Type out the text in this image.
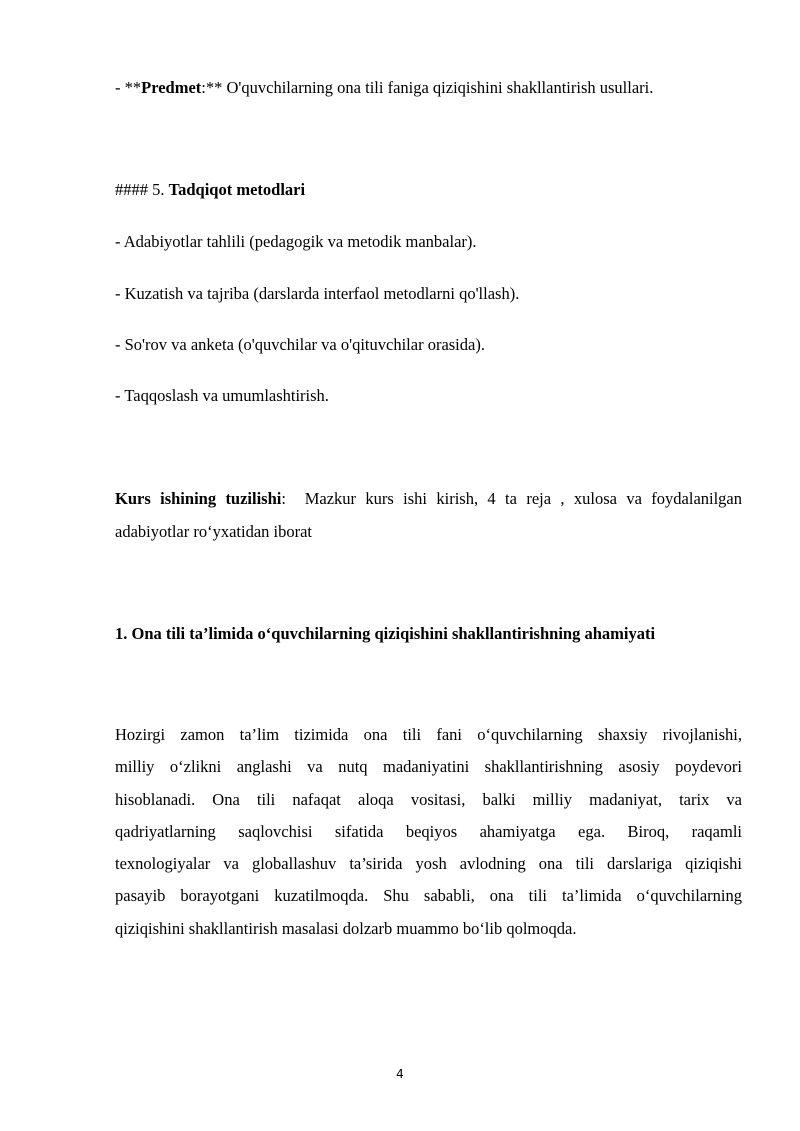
- **Predmet:** O'quvchilarning ona tili faniga qiziqishini shakllantirish usullari.
#### 5. Tadqiqot metodlari
- Adabiyotlar tahlili (pedagogik va metodik manbalar).
- Kuzatish va tajriba (darslarda interfaol metodlarni qo'llash).
- So'rov va anketa (o'quvchilar va o'qituvchilar orasida).
- Taqqoslash va umumlashtirish.
Kurs ishining tuzilishi:  Mazkur kurs ishi kirish, 4 ta reja , xulosa va foydalanilgan
adabiyotlar ro‘yxatidan iborat
1. Ona tili ta’limida o‘quvchilarning qiziqishini shakllantirishning ahamiyati
Hozirgi zamon ta’lim tizimida ona tili fani o‘quvchilarning shaxsiy rivojlanishi,
milliy o‘zlikni anglashi va nutq madaniyatini shakllantirishning asosiy poydevori
hisoblanadi. Ona tili nafaqat aloqa vositasi, balki milliy madaniyat, tarix va
qadriyatlarning saqlovchisi sifatida beqiyos ahamiyatga ega. Biroq, raqamli
texnologiyalar va globallashuv ta’sirida yosh avlodning ona tili darslariga qiziqishi
pasayib borayotgani kuzatilmoqda. Shu sababli, ona tili ta’limida o‘quvchilarning
qiziqishini shakllantirish masalasi dolzarb muammo bo‘lib qolmoqda.
4
